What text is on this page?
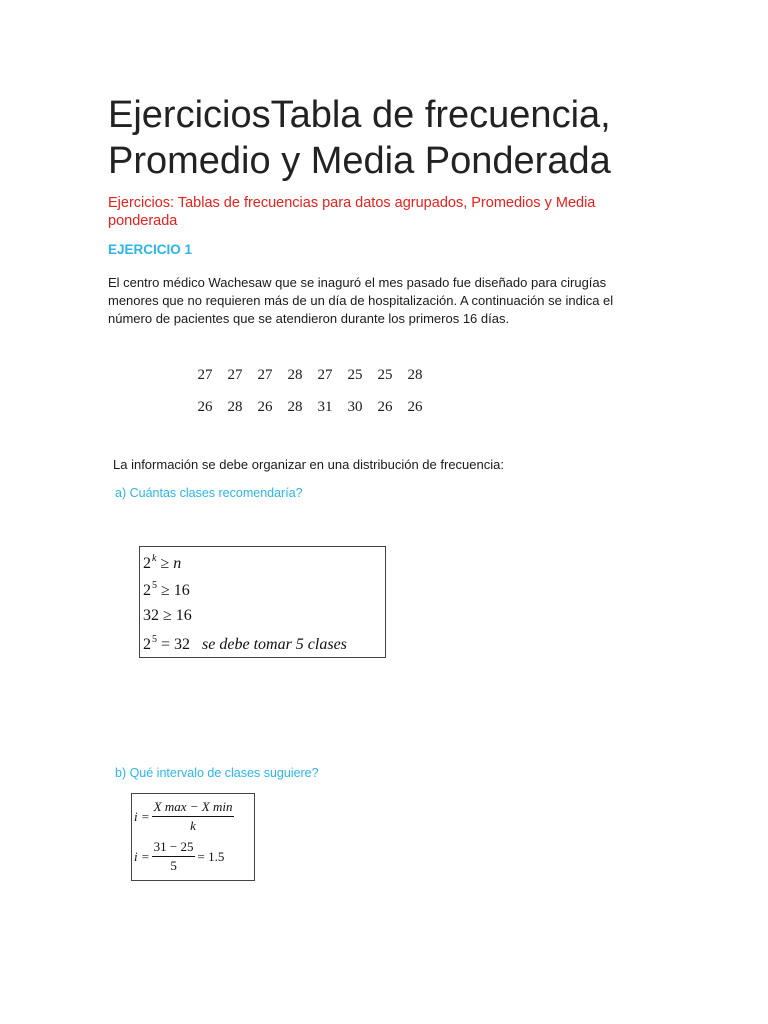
EjerciciosTabla de frecuencia,
Promedio y Media Ponderada
Ejercicios: Tablas de frecuencias para datos agrupados, Promedios y Media ponderada
EJERCICIO 1
El centro médico Wachesaw que se inaguró el mes pasado fue diseñado para cirugías menores que no requieren más de un día de hospitalización. A continuación se indica el número de pacientes que se atendieron durante los primeros 16 días.
27	27	27	28	27	25	25	28
26	28	26	28	31	30	26	26
La información se debe organizar en una distribución de frecuencia:
a) Cuántas clases recomendaría?
$2^k \ge n$
$2^5 \ge 16$
32 ≥ 16
$2^5 = 32$ se debe tomar 5 clases
b) Qué intervalo de clases suguiere?
$i = \frac{\text{X max − X min}}{k}$
$i = \frac{31 - 25}{5} = 1.5$
